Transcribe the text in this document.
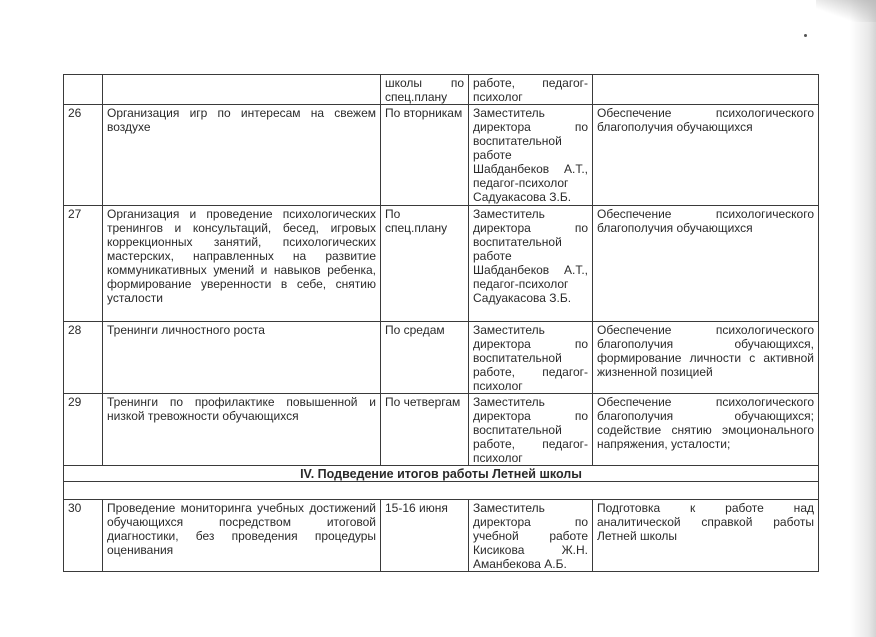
		школы по спец.плану	работе, педагог-психолог	
26	Организация игр по интересам на свежем воздухе	По вторникам	Заместитель директора по воспитательной работе Шабданбеков А.Т., педагог-психолог Садуакасова З.Б.	Обеспечение психологического благополучия обучающихся
27	Организация и проведение психологических тренингов и консультаций, бесед, игровых коррекционных занятий, психологических мастерских, направленных на развитие коммуникативных умений и навыков ребенка, формирование уверенности в себе, снятию усталости	По спец.плану	Заместитель директора по воспитательной работе Шабданбеков А.Т., педагог-психолог Садуакасова З.Б.	Обеспечение психологического благополучия обучающихся
28	Тренинги личностного роста	По средам	Заместитель директора по воспитательной работе, педагог-психолог	Обеспечение психологического благополучия обучающихся, формирование личности с активной жизненной позицией
29	Тренинги по профилактике повышенной и низкой тревожности обучающихся	По четвергам	Заместитель директора по воспитательной работе, педагог-психолог	Обеспечение психологического благополучия обучающихся; содействие снятию эмоционального напряжения, усталости;
IV. Подведение итогов работы Летней школы				

30	Проведение мониторинга учебных достижений обучающихся посредством итоговой диагностики, без проведения процедуры оценивания	15-16 июня	Заместитель директора по учебной работе Кисикова Ж.Н. Аманбекова А.Б.	Подготовка к работе над аналитической справкой работы Летней школы
